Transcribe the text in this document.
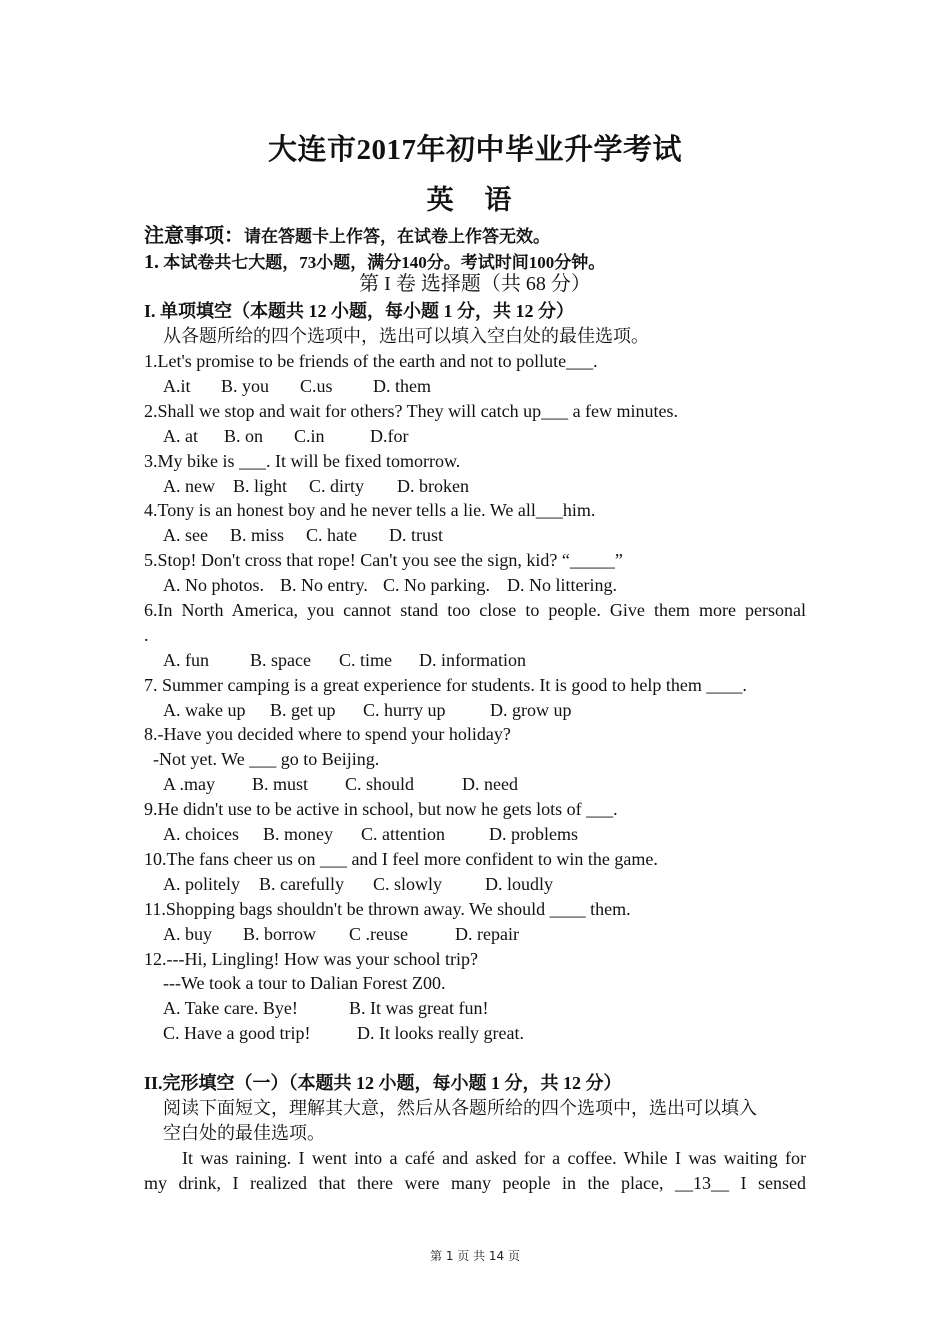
大连市2017年初中毕业升学考试
英 语
注意事项：请在答题卡上作答，在试卷上作答无效。
1. 本试卷共七大题，73小题，满分140分。考试时间100分钟。
第 I 卷 选择题（共 68 分）
I. 单项填空（本题共 12 小题，每小题 1 分，共 12 分）
从各题所给的四个选项中，选出可以填入空白处的最佳选项。
1.Let's promise to be friends of the earth and not to pollute___.
A.it B. you C.us D. them
2.Shall we stop and wait for others? They will catch up___ a few minutes.
A. at B. on C.in	D.for
3.My bike is ___. It will be fixed tomorrow.
A. new B. light C. dirty D. broken
4.Tony is an honest boy and he never tells a lie. We all___him.
A. see B. miss C. hate D. trust
5.Stop! Don't cross that rope! Can't you see the sign, kid? “_____”
A. No photos. B. No entry. C. No parking. D. No littering.
6.In North America, you cannot stand too close to people. Give them more personal
.
A. fun B. space C. time D. information
7. Summer camping is a great experience for students. It is good to help them ____.
A. wake up B. get up C. hurry up D. grow up
8.-Have you decided where to spend your holiday?
-Not yet. We ___ go to Beijing.
A .may B. must C. should	D. need
9.He didn't use to be active in school, but now he gets lots of ___.
A. choices B. money C. attention D. problems
10.The fans cheer us on ___ and I feel more confident to win the game.
A. politely B. carefully C. slowly D. loudly
11.Shopping bags shouldn't be thrown away. We should ____ them.
A. buy B. borrow C .reuse	D. repair
12.---Hi, Lingling! How was your school trip?
---We took a tour to Dalian Forest Z00.
A. Take care. Bye!	B. It was great fun!
C. Have a good trip!	D. It looks really great.
II.完形填空（一）（本题共 12 小题，每小题 1 分，共 12 分）
阅读下面短文，理解其大意，然后从各题所给的四个选项中，选出可以填入
空白处的最佳选项。
It was raining. I went into a café and asked for a coffee. While I was waiting for
my drink, I realized that there were many people in the place, __13__ I sensed
第 1 页 共 14 页
